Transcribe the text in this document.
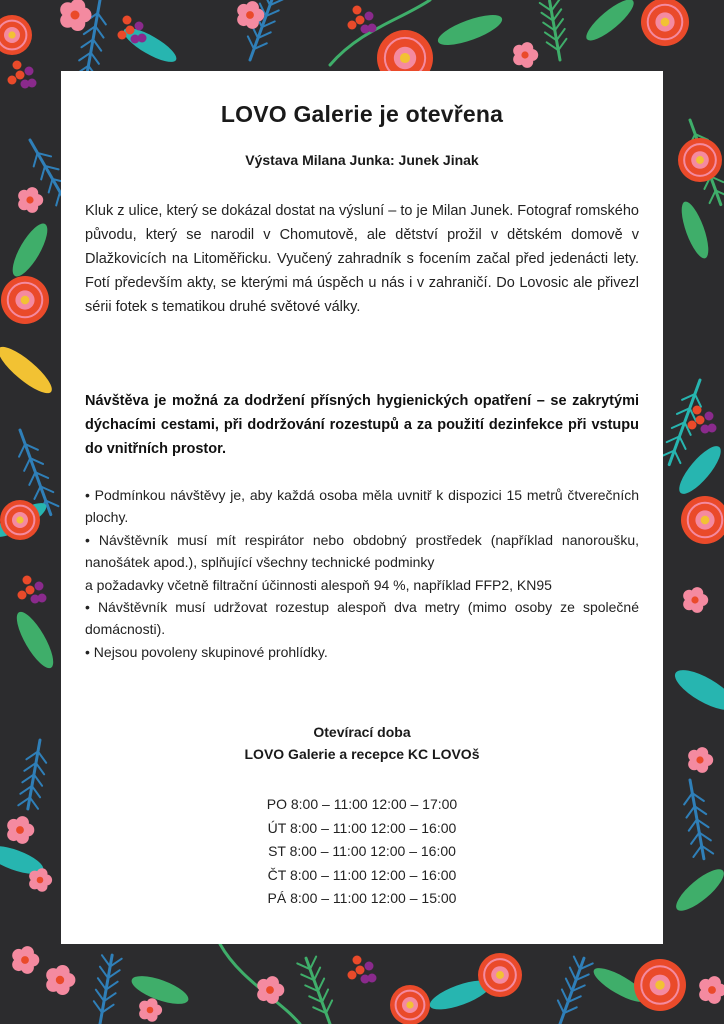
LOVO Galerie je otevřena
Výstava Milana Junka: Junek Jinak
Kluk z ulice, který se dokázal dostat na výsluní – to je Milan Junek. Fotograf romského původu, který se narodil v Chomutově, ale dětství prožil v dětském domově v Dlažkovicích na Litoměřicku. Vyučený zahradník s focením začal před jedenácti lety. Fotí především akty, se kterými má úspěch u nás i v zahraničí. Do Lovosic ale přivezl sérii fotek s tematikou druhé světové války.
Návštěva je možná za dodržení přísných hygienických opatření – se zakrytými dýchacími cestami, při dodržování rozestupů a za použití dezinfekce při vstupu do vnitřních prostor.
• Podmínkou návštěvy je, aby každá osoba měla uvnitř k dispozici 15 metrů čtverečních plochy.
• Návštěvník musí mít respirátor nebo obdobný prostředek (například nanoroušku, nanošátek apod.), splňující všechny technické podminky
a požadavky včetně filtrační účinnosti alespoň 94 %, například FFP2, KN95
• Návštěvník musí udržovat rozestup alespoň dva metry (mimo osoby ze společné domácnosti).
• Nejsou povoleny skupinové prohlídky.
Otevírací doba
LOVO Galerie a recepce KC LOVOš
PO 8:00 – 11:00 12:00 – 17:00
ÚT 8:00 – 11:00 12:00 – 16:00
ST 8:00 – 11:00 12:00 – 16:00
ČT 8:00 – 11:00 12:00 – 16:00
PÁ 8:00 – 11:00 12:00 – 15:00
